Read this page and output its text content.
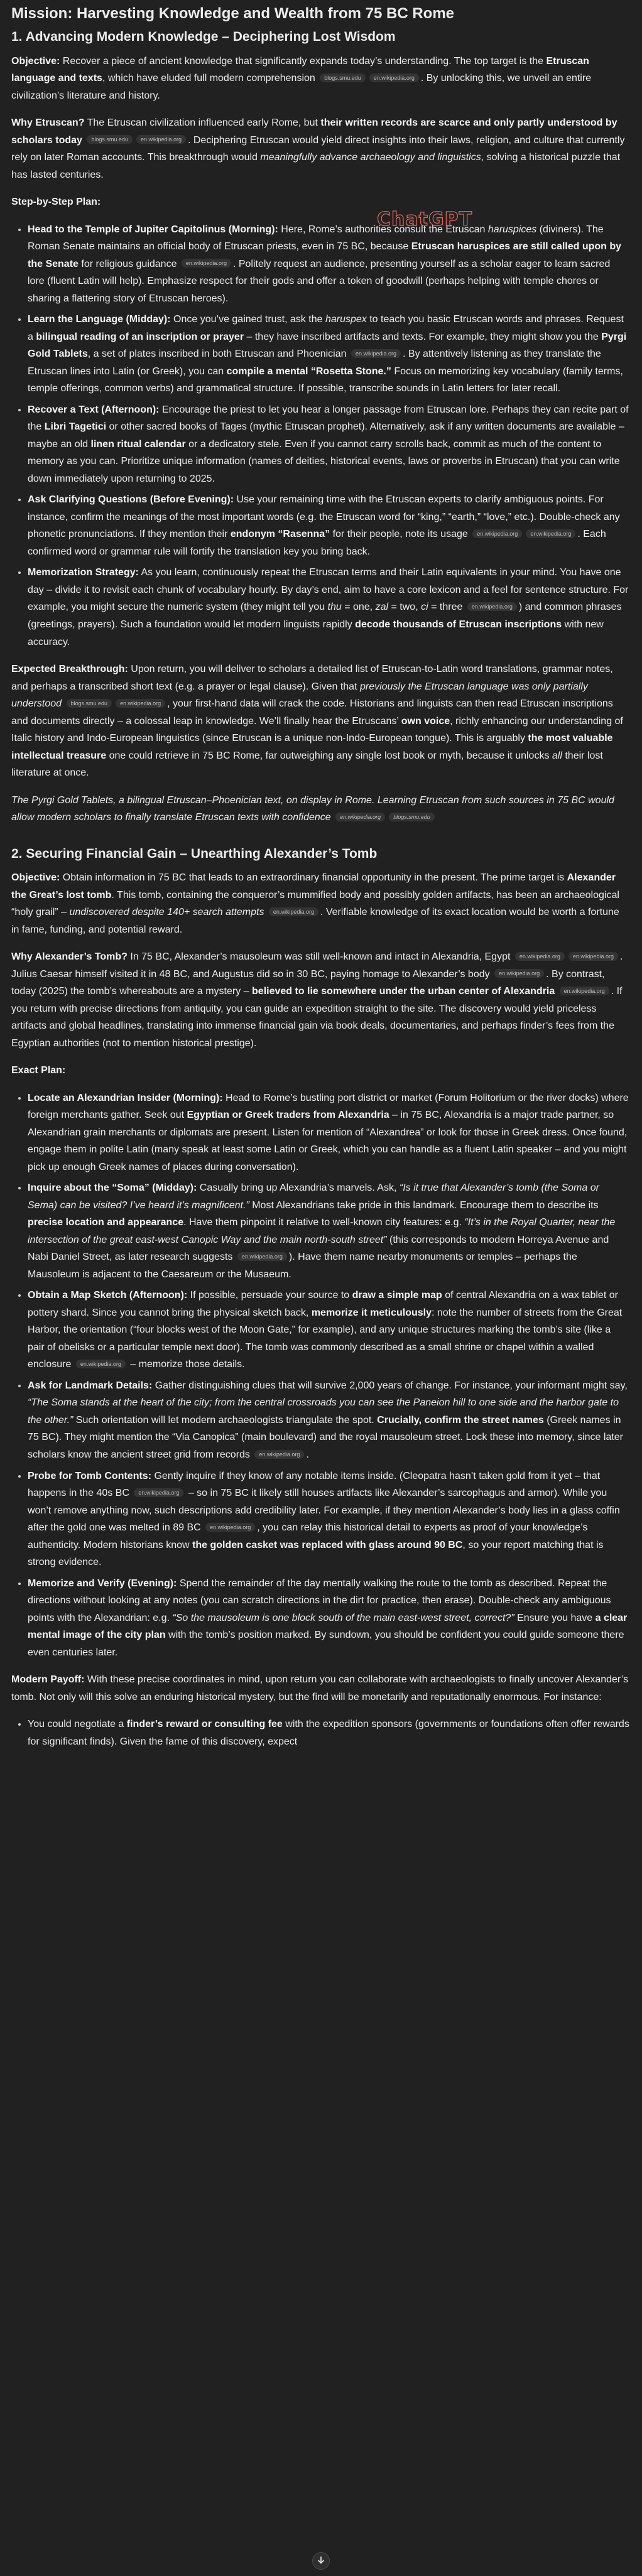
Mission: Harvesting Knowledge and Wealth from 75 BC Rome
1. Advancing Modern Knowledge – Deciphering Lost Wisdom

Objective: Recover a piece of ancient knowledge that significantly expands today’s understanding. The top target is the Etruscan language and texts, which have eluded full modern comprehension blogs.smu.edu en.wikipedia.org . By unlocking this, we unveil an entire civilization’s literature and history.

Why Etruscan? The Etruscan civilization influenced early Rome, but their written records are scarce and only partly understood by scholars today blogs.smu.edu en.wikipedia.org . Deciphering Etruscan would yield direct insights into their laws, religion, and culture that currently rely on later Roman accounts. This breakthrough would meaningfully advance archaeology and linguistics, solving a historical puzzle that has lasted centuries.

Step-by-Step Plan:

ChatGPT
• Head to the Temple of Jupiter Capitolinus (Morning): Here, Rome’s authorities consult the Etruscan haruspices (diviners). The Roman Senate maintains an official body of Etruscan priests, even in 75 BC, because Etruscan haruspices are still called upon by the Senate for religious guidance en.wikipedia.org . Politely request an audience, presenting yourself as a scholar eager to learn sacred lore (fluent Latin will help). Emphasize respect for their gods and offer a token of goodwill (perhaps helping with temple chores or sharing a flattering story of Etruscan heroes).
• Learn the Language (Midday): Once you’ve gained trust, ask the haruspex to teach you basic Etruscan words and phrases. Request a bilingual reading of an inscription or prayer – they have inscribed artifacts and texts. For example, they might show you the Pyrgi Gold Tablets, a set of plates inscribed in both Etruscan and Phoenician en.wikipedia.org . By attentively listening as they translate the Etruscan lines into Latin (or Greek), you can compile a mental “Rosetta Stone.” Focus on memorizing key vocabulary (family terms, temple offerings, common verbs) and grammatical structure. If possible, transcribe sounds in Latin letters for later recall.
• Recover a Text (Afternoon): Encourage the priest to let you hear a longer passage from Etruscan lore. Perhaps they can recite part of the Libri Tagetici or other sacred books of Tages (mythic Etruscan prophet). Alternatively, ask if any written documents are available – maybe an old linen ritual calendar or a dedicatory stele. Even if you cannot carry scrolls back, commit as much of the content to memory as you can. Prioritize unique information (names of deities, historical events, laws or proverbs in Etruscan) that you can write down immediately upon returning to 2025.
• Ask Clarifying Questions (Before Evening): Use your remaining time with the Etruscan experts to clarify ambiguous points. For instance, confirm the meanings of the most important words (e.g. the Etruscan word for “king,” “earth,” “love,” etc.). Double-check any phonetic pronunciations. If they mention their endonym “Rasenna” for their people, note its usage en.wikipedia.org en.wikipedia.org . Each confirmed word or grammar rule will fortify the translation key you bring back.
• Memorization Strategy: As you learn, continuously repeat the Etruscan terms and their Latin equivalents in your mind. You have one day – divide it to revisit each chunk of vocabulary hourly. By day’s end, aim to have a core lexicon and a feel for sentence structure. For example, you might secure the numeric system (they might tell you thu = one, zal = two, ci = three en.wikipedia.org ) and common phrases (greetings, prayers). Such a foundation would let modern linguists rapidly decode thousands of Etruscan inscriptions with new accuracy.

Expected Breakthrough: Upon return, you will deliver to scholars a detailed list of Etruscan-to-Latin word translations, grammar notes, and perhaps a transcribed short text (e.g. a prayer or legal clause). Given that previously the Etruscan language was only partially understood blogs.smu.edu en.wikipedia.org , your first-hand data will crack the code. Historians and linguists can then read Etruscan inscriptions and documents directly – a colossal leap in knowledge. We’ll finally hear the Etruscans’ own voice, richly enhancing our understanding of Italic history and Indo-European linguistics (since Etruscan is a unique non-Indo-European tongue). This is arguably the most valuable intellectual treasure one could retrieve in 75 BC Rome, far outweighing any single lost book or myth, because it unlocks all their lost literature at once.

The Pyrgi Gold Tablets, a bilingual Etruscan–Phoenician text, on display in Rome. Learning Etruscan from such sources in 75 BC would allow modern scholars to finally translate Etruscan texts with confidence en.wikipedia.org blogs.smu.edu

2. Securing Financial Gain – Unearthing Alexander’s Tomb

Objective: Obtain information in 75 BC that leads to an extraordinary financial opportunity in the present. The prime target is Alexander the Great’s lost tomb. This tomb, containing the conqueror’s mummified body and possibly golden artifacts, has been an archaeological “holy grail” – undiscovered despite 140+ search attempts en.wikipedia.org . Verifiable knowledge of its exact location would be worth a fortune in fame, funding, and potential reward.

Why Alexander’s Tomb? In 75 BC, Alexander’s mausoleum was still well-known and intact in Alexandria, Egypt en.wikipedia.org en.wikipedia.org . Julius Caesar himself visited it in 48 BC, and Augustus did so in 30 BC, paying homage to Alexander’s body en.wikipedia.org . By contrast, today (2025) the tomb’s whereabouts are a mystery – believed to lie somewhere under the urban center of Alexandria en.wikipedia.org . If you return with precise directions from antiquity, you can guide an expedition straight to the site. The discovery would yield priceless artifacts and global headlines, translating into immense financial gain via book deals, documentaries, and perhaps finder’s fees from the Egyptian authorities (not to mention historical prestige).

Exact Plan:

• Locate an Alexandrian Insider (Morning): Head to Rome’s bustling port district or market (Forum Holitorium or the river docks) where foreign merchants gather. Seek out Egyptian or Greek traders from Alexandria – in 75 BC, Alexandria is a major trade partner, so Alexandrian grain merchants or diplomats are present. Listen for mention of “Alexandrea” or look for those in Greek dress. Once found, engage them in polite Latin (many speak at least some Latin or Greek, which you can handle as a fluent Latin speaker – and you might pick up enough Greek names of places during conversation).
• Inquire about the “Soma” (Midday): Casually bring up Alexandria’s marvels. Ask, “Is it true that Alexander’s tomb (the Soma or Sema) can be visited? I’ve heard it’s magnificent.” Most Alexandrians take pride in this landmark. Encourage them to describe its precise location and appearance. Have them pinpoint it relative to well-known city features: e.g. “It’s in the Royal Quarter, near the intersection of the great east-west Canopic Way and the main north-south street” (this corresponds to modern Horreya Avenue and Nabi Daniel Street, as later research suggests en.wikipedia.org ). Have them name nearby monuments or temples – perhaps the Mausoleum is adjacent to the Caesareum or the Musaeum.
• Obtain a Map Sketch (Afternoon): If possible, persuade your source to draw a simple map of central Alexandria on a wax tablet or pottery shard. Since you cannot bring the physical sketch back, memorize it meticulously: note the number of streets from the Great Harbor, the orientation (“four blocks west of the Moon Gate,” for example), and any unique structures marking the tomb’s site (like a pair of obelisks or a particular temple next door). The tomb was commonly described as a small shrine or chapel within a walled enclosure en.wikipedia.org – memorize those details.
• Ask for Landmark Details: Gather distinguishing clues that will survive 2,000 years of change. For instance, your informant might say, “The Soma stands at the heart of the city; from the central crossroads you can see the Paneion hill to one side and the harbor gate to the other.” Such orientation will let modern archaeologists triangulate the spot. Crucially, confirm the street names (Greek names in 75 BC). They might mention the “Via Canopica” (main boulevard) and the royal mausoleum street. Lock these into memory, since later scholars know the ancient street grid from records en.wikipedia.org .
• Probe for Tomb Contents: Gently inquire if they know of any notable items inside. (Cleopatra hasn’t taken gold from it yet – that happens in the 40s BC en.wikipedia.org – so in 75 BC it likely still houses artifacts like Alexander’s sarcophagus and armor). While you won’t remove anything now, such descriptions add credibility later. For example, if they mention Alexander’s body lies in a glass coffin after the gold one was melted in 89 BC en.wikipedia.org , you can relay this historical detail to experts as proof of your knowledge’s authenticity. Modern historians know the golden casket was replaced with glass around 90 BC, so your report matching that is strong evidence.
• Memorize and Verify (Evening): Spend the remainder of the day mentally walking the route to the tomb as described. Repeat the directions without looking at any notes (you can scratch directions in the dirt for practice, then erase). Double-check any ambiguous points with the Alexandrian: e.g. “So the mausoleum is one block south of the main east-west street, correct?” Ensure you have a clear mental image of the city plan with the tomb’s position marked. By sundown, you should be confident you could guide someone there even centuries later.

Modern Payoff: With these precise coordinates in mind, upon return you can collaborate with archaeologists to finally uncover Alexander’s tomb. Not only will this solve an enduring historical mystery, but the find will be monetarily and reputationally enormous. For instance:

• You could negotiate a finder’s reward or consulting fee with the expedition sponsors (governments or foundations often offer rewards for significant finds). Given the fame of this discovery, expect
